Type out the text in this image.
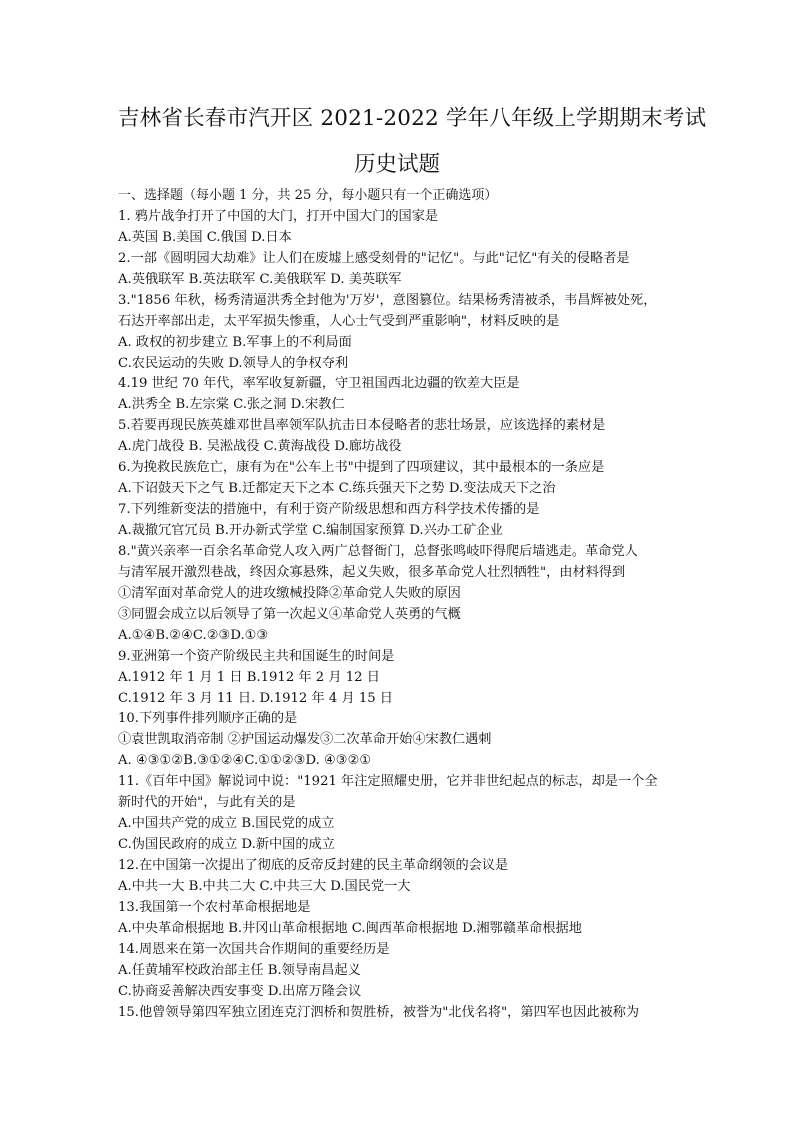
吉林省长春市汽开区 2021-2022 学年八年级上学期期末考试
历史试题
一、选择题（每小题 1 分，共 25 分，每小题只有一个正确选项）
1. 鸦片战争打开了中国的大门，打开中国大门的国家是
A.英国 B.美国 C.俄国 D.日本
2.一部《圆明园大劫难》让人们在废墟上感受刻骨的"记忆"。与此"记忆"有关的侵略者是
A.英俄联军 B.英法联军 C.美俄联军 D. 美英联军
3."1856 年秋，杨秀清逼洪秀全封他为'万岁'，意图篡位。结果杨秀清被杀，韦昌辉被处死，
石达开率部出走，太平军损失惨重，人心士气受到严重影响"，材料反映的是
A. 政权的初步建立 B.军事上的不利局面
C.农民运动的失败 D.领导人的争权夺利
4.19 世纪 70 年代，率军收复新疆，守卫祖国西北边疆的钦差大臣是
A.洪秀全 B.左宗棠 C.张之洞 D.宋教仁
5.若要再现民族英雄邓世昌率领军队抗击日本侵略者的悲壮场景，应该选择的素材是
A.虎门战役 B. 吴淞战役 C.黄海战役 D.廊坊战役
6.为挽救民族危亡，康有为在"公车上书"中提到了四项建议，其中最根本的一条应是
A.下诏鼓天下之气 B.迁都定天下之本 C.练兵强天下之势 D.变法成天下之治
7.下列维新变法的措施中，有利于资产阶级思想和西方科学技术传播的是
A.裁撤冗官冗员 B.开办新式学堂 C.编制国家预算 D.兴办工矿企业
8."黄兴亲率一百余名革命党人攻入两广总督衙门，总督张鸣岐吓得爬后墙逃走。革命党人
与清军展开激烈巷战，终因众寡悬殊，起义失败，很多革命党人壮烈牺牲"，由材料得到
①清军面对革命党人的进攻缴械投降②革命党人失败的原因
③同盟会成立以后领导了第一次起义④革命党人英勇的气概
A.①④B.②④C.②③D.①③
9.亚洲第一个资产阶级民主共和国诞生的时间是
A.1912 年 1 月 1 日 B.1912 年 2 月 12 日
C.1912 年 3 月 11 日. D.1912 年 4 月 15 日
10.下列事件排列顺序正确的是
①袁世凯取消帝制 ②护国运动爆发③二次革命开始④宋教仁遇刺
A. ④③①②B.③①②④C.①①②③D. ④③②①
11.《百年中国》解说词中说："1921 年注定照耀史册，它并非世纪起点的标志，却是一个全
新时代的开始"，与此有关的是
A.中国共产党的成立 B.国民党的成立
C.伪国民政府的成立 D.新中国的成立
12.在中国第一次提出了彻底的反帝反封建的民主革命纲领的会议是
A.中共一大 B.中共二大 C.中共三大 D.国民党一大
13.我国第一个农村革命根据地是
A.中央革命根据地 B.井冈山革命根据地 C.闽西革命根据地 D.湘鄂赣革命根据地
14.周恩来在第一次国共合作期间的重要经历是
A.任黄埔军校政治部主任 B.领导南昌起义
C.协商妥善解决西安事变 D.出席万隆会议
15.他曾领导第四军独立团连克汀泗桥和贺胜桥，被誉为"北伐名将"，第四军也因此被称为
